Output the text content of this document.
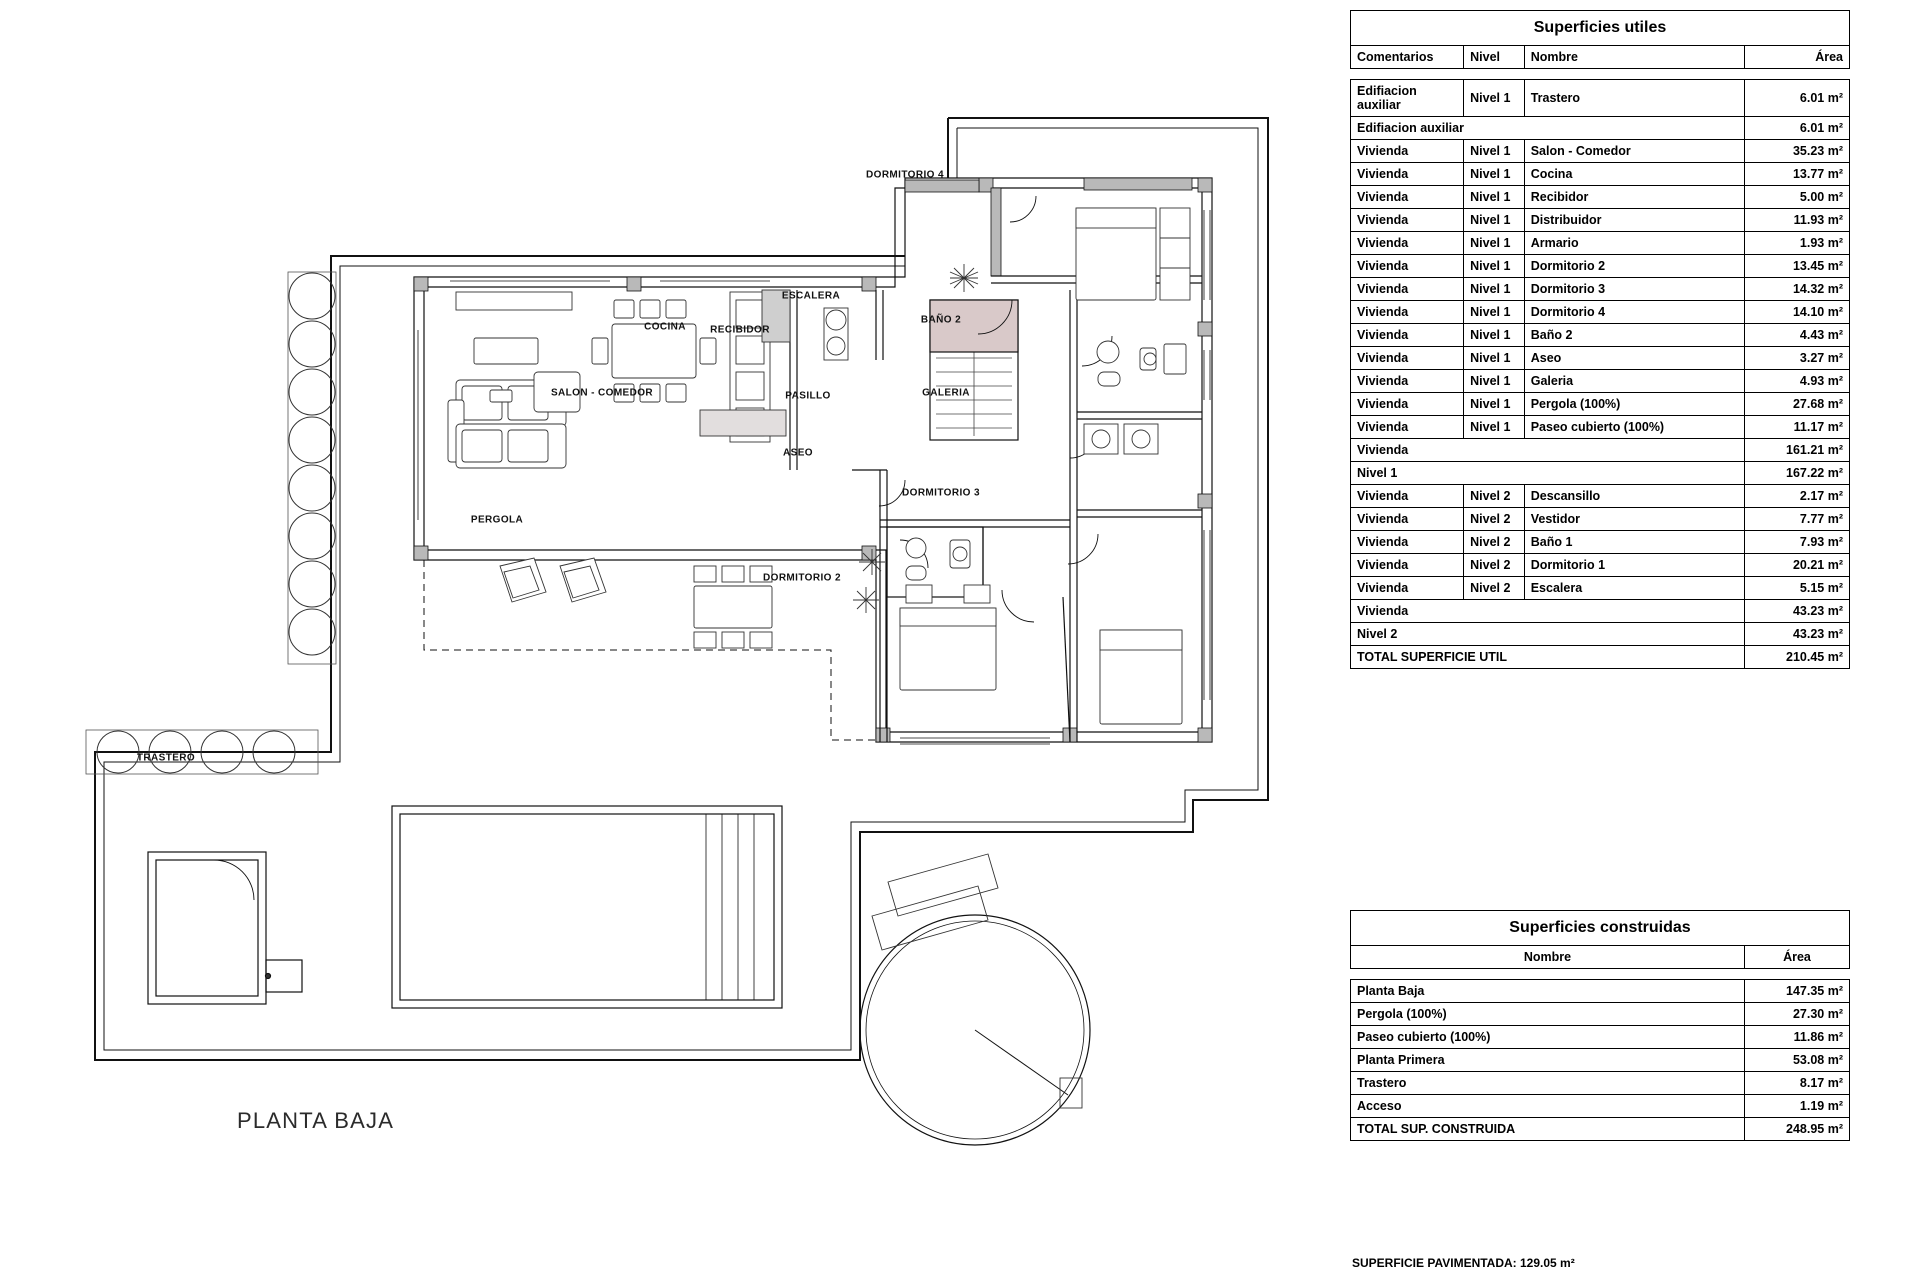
PLANTA BAJA
DORMITORIO 4
COCINA RECIBIDOR
ESCALERA
BAÑO 2
SALON - COMEDOR	PASILLO	GALERIA
ASEO
DORMITORIO 3
PERGOLA
DORMITORIO 2
TRASTERO
Superficies utiles			
Comentarios	Nivel	Nombre	Área

Edifiacion auxiliar	Nivel 1	Trastero	6.01 m²
Edifiacion auxiliar			6.01 m²
Vivienda	Nivel 1	Salon - Comedor	35.23 m²
Vivienda	Nivel 1	Cocina	13.77 m²
Vivienda	Nivel 1	Recibidor	5.00 m²
Vivienda	Nivel 1	Distribuidor	11.93 m²
Vivienda	Nivel 1	Armario	1.93 m²
Vivienda	Nivel 1	Dormitorio 2	13.45 m²
Vivienda	Nivel 1	Dormitorio 3	14.32 m²
Vivienda	Nivel 1	Dormitorio 4	14.10 m²
Vivienda	Nivel 1	Baño 2	4.43 m²
Vivienda	Nivel 1	Aseo	3.27 m²
Vivienda	Nivel 1	Galeria	4.93 m²
Vivienda	Nivel 1	Pergola (100%)	27.68 m²
Vivienda	Nivel 1	Paseo cubierto (100%)	11.17 m²
Vivienda			161.21 m²
Nivel 1			167.22 m²
Vivienda	Nivel 2	Descansillo	2.17 m²
Vivienda	Nivel 2	Vestidor	7.77 m²
Vivienda	Nivel 2	Baño 1	7.93 m²
Vivienda	Nivel 2	Dormitorio 1	20.21 m²
Vivienda	Nivel 2	Escalera	5.15 m²
Vivienda			43.23 m²
Nivel 2			43.23 m²
TOTAL SUPERFICIE UTIL			210.45 m²
Superficies construidas	
Nombre	Área

Planta Baja	147.35 m²
Pergola (100%)	27.30 m²
Paseo cubierto (100%)	11.86 m²
Planta Primera	53.08 m²
Trastero	8.17 m²
Acceso	1.19 m²
TOTAL SUP. CONSTRUIDA	248.95 m²
SUPERFICIE PAVIMENTADA: 129.05 m²
